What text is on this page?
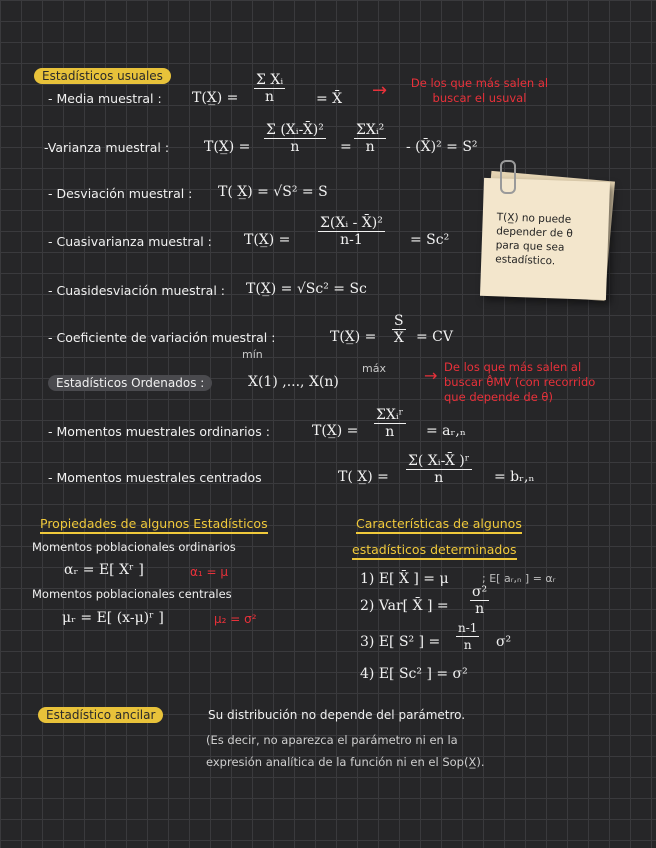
Estadísticos usuales
- Media muestral : T(X̲) = $\frac{\text{Σ Xᵢ}}{n}$ = X̄ →	De los que más salen al buscar el usuval
-Varianza muestral : T(X̲) = $\frac{\text{Σ (Xᵢ-X̄)²}}{n} = \frac{\text{ΣXᵢ²}}{n}$ - (X̄)² = S²
- Desviación muestral : T( X̲) = √S² = S
- Cuasivarianza muestral : T(X̲) = $\frac{\text{Σ(Xᵢ - X̄)²}}{n-1} = Sc^2$
T(X̲) no puede depender de θ para que sea estadístico.
- Cuasidesviación muestral : T(X̲) = √Sc² = Sc
- Coeficiente de variación muestral :	T(X̲) = $\frac{S}{X̄}$ = CV
mín
Estadísticos Ordenados :	X(1) ,..., X(n)
máx → De los que más salen al buscar θ̂MV (con recorrido que depende de θ)
- Momentos muestrales ordinarios :	T(X̲) = $\frac{\text{ΣXᵢʳ}}{n}$ = aᵣ,ₙ
- Momentos muestrales centrados	T( X̲) = $\frac{\text{Σ( Xᵢ-X̄ )ʳ}}{n}$ = bᵣ,ₙ
Propiedades de algunos Estadísticos
Momentos poblacionales ordinarios
αᵣ = E[ Xʳ ]	α₁ = μ
Momentos poblacionales centrales
μᵣ = E[ (x-μ)ʳ ]	μ₂ = σ²
Características de algunos
estadísticos determinados
1) E[ X̄ ] = μ	; E[ aᵣ,ₙ ] = αᵣ
2) Var[ X̄ ] = $\frac{\text{σ²}}{n}$
3) E[ S² ] = $\frac{n-1}{n} \sigma^2$
4) E[ Sc² ] = σ²
Estadístico ancilar	Su distribución no depende del parámetro.
(Es decir, no aparezca el parámetro ni en la
expresión analítica de la función ni en el Sop(X̲).
